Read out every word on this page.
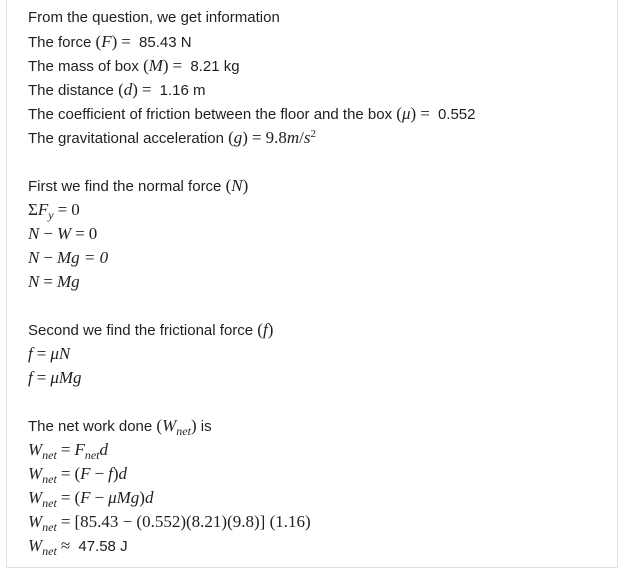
From the question, we get information
The force (F) = 85.43 N
The mass of box (M) = 8.21 kg
The distance (d) = 1.16 m
The coefficient of friction between the floor and the box (μ) = 0.552
The gravitational acceleration $(g) = 9.8m/s^2$
First we find the normal force (N)
$\Sigma F_y = 0$
N − W = 0
N − Mg = 0
N = Mg
Second we find the frictional force (f)
f = μN
f = μMg
The net work done $(W_{net})$ is
$W_{net} = F_{net}d$
$W_{net} = (F - f)d$
$W_{net} = (F - \mu Mg)d$
$W_{net} = [85.43 - (0.552)(8.21)(9.8)]$ (1.16)
$W_{net} \approx 47.58$ J
